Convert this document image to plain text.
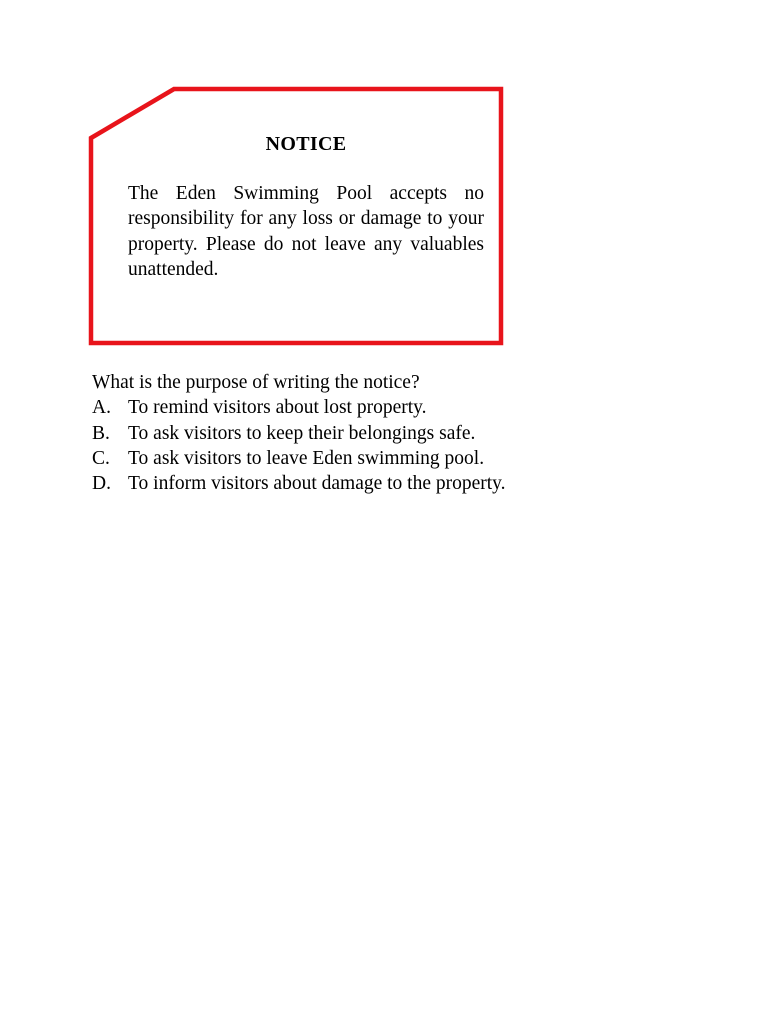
NOTICE
The Eden Swimming Pool accepts no responsibility for any loss or damage to your property. Please do not leave any valuables unattended.

What is the purpose of writing the notice?

A. To remind visitors about lost property.
B. To ask visitors to keep their belongings safe.
C. To ask visitors to leave Eden swimming pool.
D. To inform visitors about damage to the property.
